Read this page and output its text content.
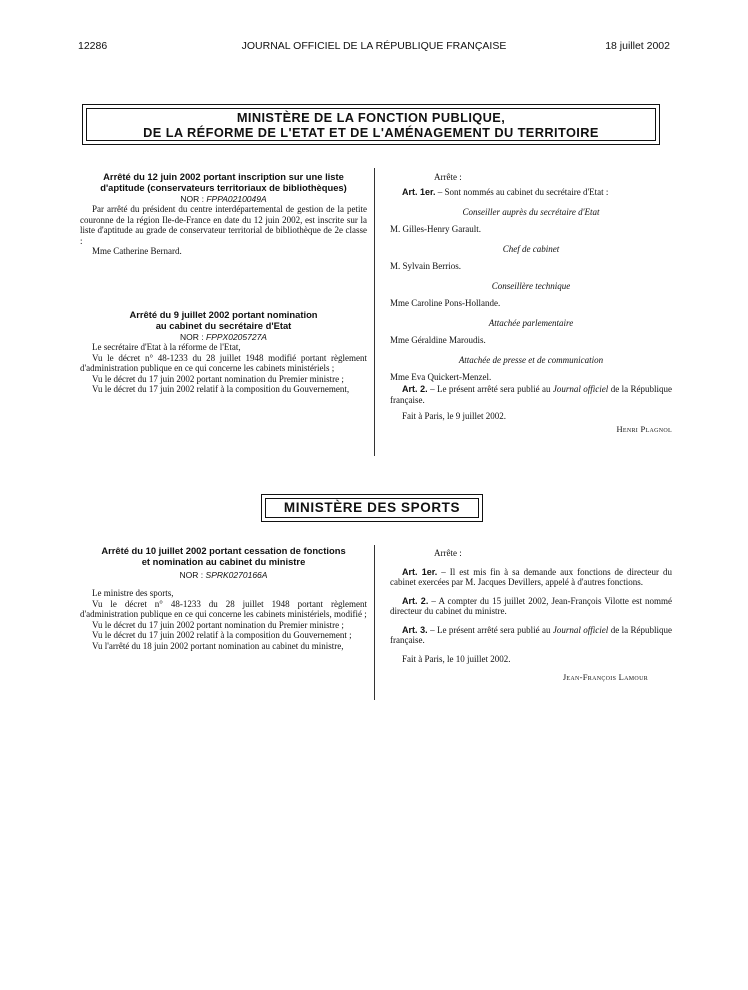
12286	JOURNAL OFFICIEL DE LA RÉPUBLIQUE FRANÇAISE	18 juillet 2002
MINISTÈRE DE LA FONCTION PUBLIQUE,
DE LA RÉFORME DE L'ETAT ET DE L'AMÉNAGEMENT DU TERRITOIRE

Arrêté du 12 juin 2002 portant inscription sur une liste

d'aptitude (conservateurs territoriaux de bibliothèques)

NOR : FPPA0210049A

Par arrêté du président du centre interdépartemental de gestion de la petite couronne de la région Ile-de-France en date du 12 juin 2002, est inscrite sur la liste d'aptitude au grade de conservateur territorial de bibliothèque de 2e classe :

Mme Catherine Bernard.

Arrêté du 9 juillet 2002 portant nomination

au cabinet du secrétaire d'Etat

NOR : FPPX0205727A

Le secrétaire d'Etat à la réforme de l'Etat,

Vu le décret n° 48-1233 du 28 juillet 1948 modifié portant règlement d'administration publique en ce qui concerne les cabinets ministériels ;

Vu le décret du 17 juin 2002 portant nomination du Premier ministre ;

Vu le décret du 17 juin 2002 relatif à la composition du Gouvernement,

Arrête :

Art. 1er. – Sont nommés au cabinet du secrétaire d'Etat :

Conseiller auprès du secrétaire d'Etat

M. Gilles-Henry Garault.

Chef de cabinet

M. Sylvain Berrios.

Conseillère technique

Mme Caroline Pons-Hollande.

Attachée parlementaire

Mme Géraldine Maroudis.

Attachée de presse et de communication

Mme Eva Quickert-Menzel.

Art. 2. – Le présent arrêté sera publié au Journal officiel de la République française.

Fait à Paris, le 9 juillet 2002.

Henri Plagnol

MINISTÈRE DES SPORTS

Arrêté du 10 juillet 2002 portant cessation de fonctions

et nomination au cabinet du ministre

NOR : SPRK0270166A

Le ministre des sports,

Vu le décret n° 48-1233 du 28 juillet 1948 portant règlement d'administration publique en ce qui concerne les cabinets ministériels, modifié ;

Vu le décret du 17 juin 2002 portant nomination du Premier ministre ;

Vu le décret du 17 juin 2002 relatif à la composition du Gouvernement ;

Vu l'arrêté du 18 juin 2002 portant nomination au cabinet du ministre,

Arrête :

Art. 1er. – Il est mis fin à sa demande aux fonctions de directeur du cabinet exercées par M. Jacques Devillers, appelé à d'autres fonctions.

Art. 2. – A compter du 15 juillet 2002, Jean-François Vilotte est nommé directeur du cabinet du ministre.

Art. 3. – Le présent arrêté sera publié au Journal officiel de la République française.

Fait à Paris, le 10 juillet 2002.

Jean-François Lamour
